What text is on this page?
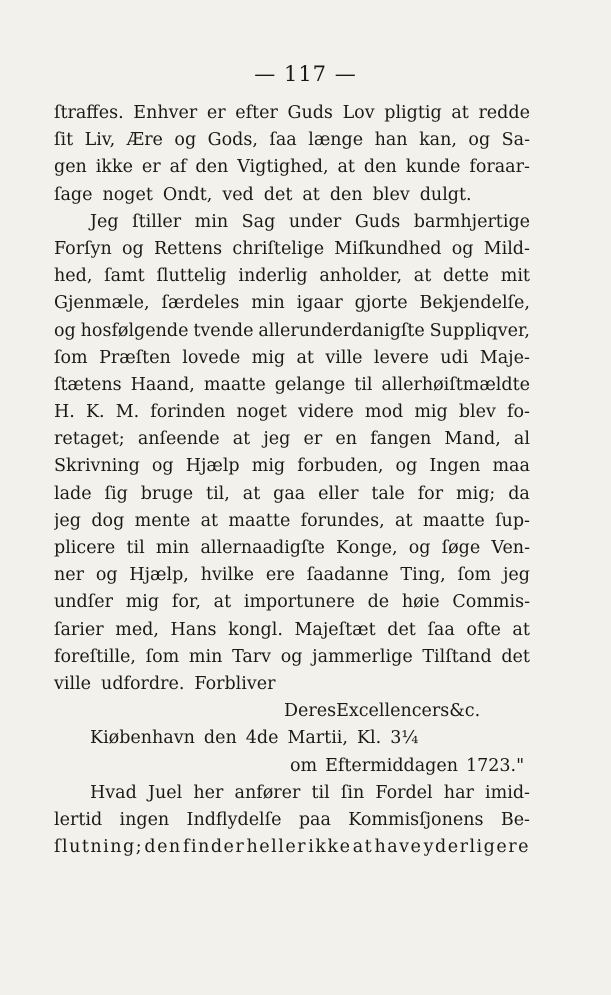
— 117 —
ſtraffes. Enhver er efter Guds Lov pligtig at redde
ſit Liv, Ære og Gods, ſaa længe han kan, og Sa-
gen ikke er af den Vigtighed, at den kunde foraar-
ſage noget Ondt, ved det at den blev dulgt.
Jeg ſtiller min Sag under Guds barmhjertige
Forſyn og Rettens chriſtelige Miſkundhed og Mild-
hed, ſamt ſluttelig inderlig anholder, at dette mit
Gjenmæle, ſærdeles min igaar gjorte Bekjendelſe,
og hosfølgende tvende allerunderdanigſte Suppliqver,
ſom Præſten lovede mig at ville levere udi Maje-
ſtætens Haand, maatte gelange til allerhøiſtmældte
H. K. M. forinden noget videre mod mig blev fo-
retaget; anſeende at jeg er en fangen Mand, al
Skrivning og Hjælp mig forbuden, og Ingen maa
lade ſig bruge til, at gaa eller tale for mig; da
jeg dog mente at maatte forundes, at maatte ſup-
plicere til min allernaadigſte Konge, og ſøge Ven-
ner og Hjælp, hvilke ere ſaadanne Ting, ſom jeg
undſer mig for, at importunere de høie Commis-
ſarier med, Hans kongl. Majeſtæt det ſaa ofte at
foreſtille, ſom min Tarv og jammerlige Tilſtand det
ville udfordre. Forbliver
Deres Excellencers &c.
Kiøbenhavn den 4de Martii, Kl. 3¼
om Eftermiddagen 1723."
Hvad Juel her anfører til ſin Fordel har imid-
lertid ingen Indflydelſe paa Kommisſjonens Be-
ſlutning; den finder heller ikke at have yderligere
